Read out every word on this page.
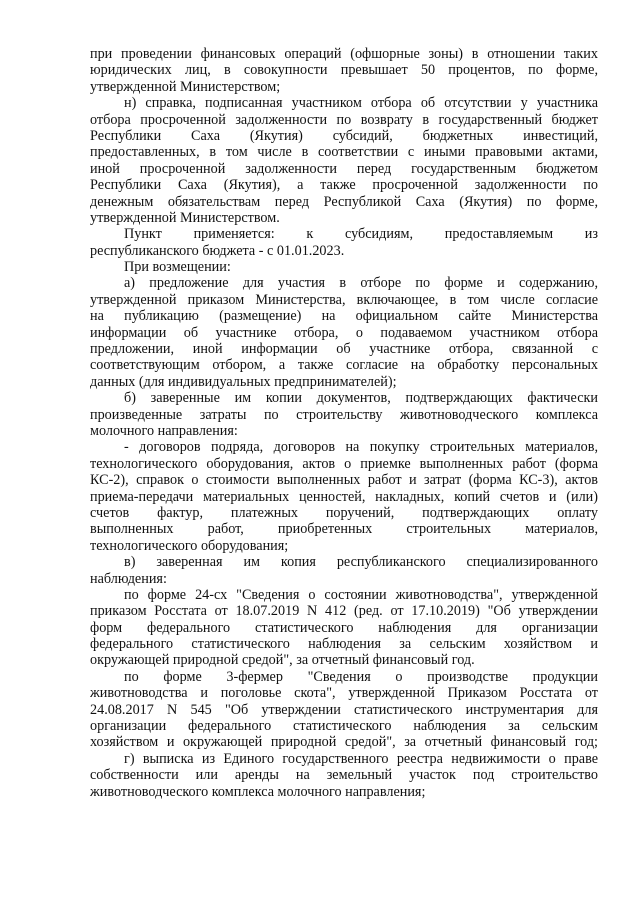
при проведении финансовых операций (офшорные зоны) в отношении таких
юридических лиц, в совокупности превышает 50 процентов, по форме,
утвержденной Министерством;
н) справка, подписанная участником отбора об отсутствии у участника
отбора просроченной задолженности по возврату в государственный бюджет
Республики Саха (Якутия) субсидий, бюджетных инвестиций,
предоставленных, в том числе в соответствии с иными правовыми актами,
иной просроченной задолженности перед государственным бюджетом
Республики Саха (Якутия), а также просроченной задолженности по
денежным обязательствам перед Республикой Саха (Якутия) по форме,
утвержденной Министерством.
Пункт применяется: к субсидиям, предоставляемым из
республиканского бюджета - с 01.01.2023.
При возмещении:
а) предложение для участия в отборе по форме и содержанию,
утвержденной приказом Министерства, включающее, в том числе согласие
на публикацию (размещение) на официальном сайте Министерства
информации об участнике отбора, о подаваемом участником отбора
предложении, иной информации об участнике отбора, связанной с
соответствующим отбором, а также согласие на обработку персональных
данных (для индивидуальных предпринимателей);
б) заверенные им копии документов, подтверждающих фактически
произведенные затраты по строительству животноводческого комплекса
молочного направления:
- договоров подряда, договоров на покупку строительных материалов,
технологического оборудования, актов о приемке выполненных работ (форма
КС-2), справок о стоимости выполненных работ и затрат (форма КС-3), актов
приема-передачи материальных ценностей, накладных, копий счетов и (или)
счетов фактур, платежных поручений, подтверждающих оплату
выполненных работ, приобретенных строительных материалов,
технологического оборудования;
в) заверенная им копия республиканского специализированного
наблюдения:
по форме 24-сх "Сведения о состоянии животноводства", утвержденной
приказом Росстата от 18.07.2019 N 412 (ред. от 17.10.2019) "Об утверждении
форм федерального статистического наблюдения для организации
федерального статистического наблюдения за сельским хозяйством и
окружающей природной средой", за отчетный финансовый год.
по форме 3-фермер "Сведения о производстве продукции
животноводства и поголовье скота", утвержденной Приказом Росстата от
24.08.2017 N 545 "Об утверждении статистического инструментария для
организации федерального статистического наблюдения за сельским
хозяйством и окружающей природной средой", за отчетный финансовый год;
г) выписка из Единого государственного реестра недвижимости о праве
собственности или аренды на земельный участок под строительство
животноводческого комплекса молочного направления;
